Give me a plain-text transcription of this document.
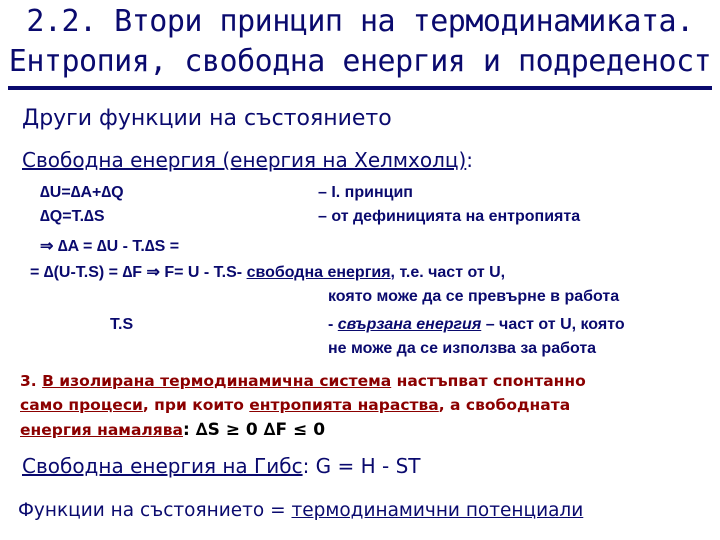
2.2. Втори принцип на термодинамиката.
Ентропия, свободна енергия и подреденост
Други функции на състоянието
Свободна енергия (енергия на Хелмхолц):
∆U=∆A+∆Q	– I. принцип
∆Q=T.∆S	– от дефиницията на ентропията
⇒ ∆A = ∆U - T.∆S =
= ∆(U-T.S) = ∆F ⇒ F= U - T.S- свободна енергия, т.е. част от U,
която може да се превърне в работа
T.S	- свързана енергия – част от U, която
не може да се използва за работа
3. В изолирана термодинамична система настъпват спонтанно
само процеси, при които ентропията нараства, а свободната
енергия намалява: ∆S ≥ 0 ∆F ≤ 0
Свободна енергия на Гибс: G = H - ST
Функции на състоянието = термодинамични потенциали
